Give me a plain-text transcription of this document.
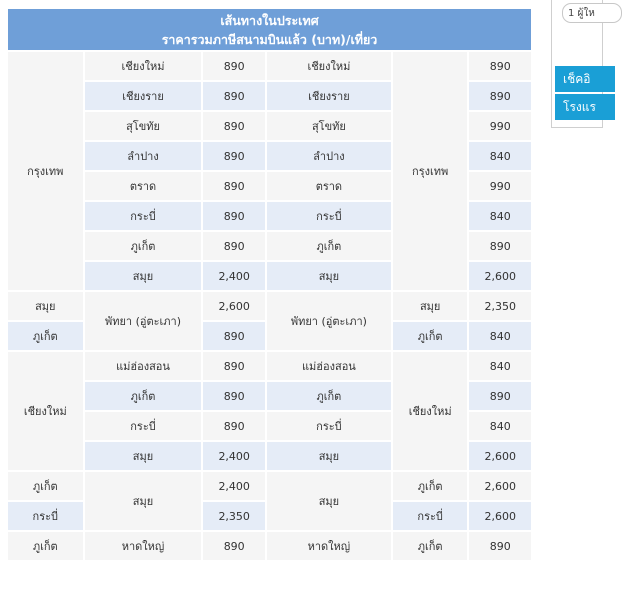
เส้นทางในประเทศ
ราคารวมภาษีสนามบินแล้ว (บาท)/เที่ยว					

กรุงเทพ	เชียงใหม่	890	เชียงใหม่	กรุงเทพ	890
	เชียงราย	890	เชียงราย		890
	สุโขทัย	890	สุโขทัย		990
	ลำปาง	890	ลำปาง		840
	ตราด	890	ตราด		990
	กระบี่	890	กระบี่		840
	ภูเก็ต	890	ภูเก็ต		890
	สมุย	2,400	สมุย		2,600
สมุย	พัทยา (อู่ตะเภา)	2,600	พัทยา (อู่ตะเภา)	สมุย	2,350
ภูเก็ต		890		ภูเก็ต	840
เชียงใหม่	แม่ฮ่องสอน	890	แม่ฮ่องสอน	เชียงใหม่	840
	ภูเก็ต	890	ภูเก็ต		890
	กระบี่	890	กระบี่		840
	สมุย	2,400	สมุย		2,600
ภูเก็ต	สมุย	2,400	สมุย	ภูเก็ต	2,600
กระบี่		2,350		กระบี่	2,600
ภูเก็ต	หาดใหญ่	890	หาดใหญ่	ภูเก็ต	890
1 ผู้ให
เช็คอิ
โรงแร
